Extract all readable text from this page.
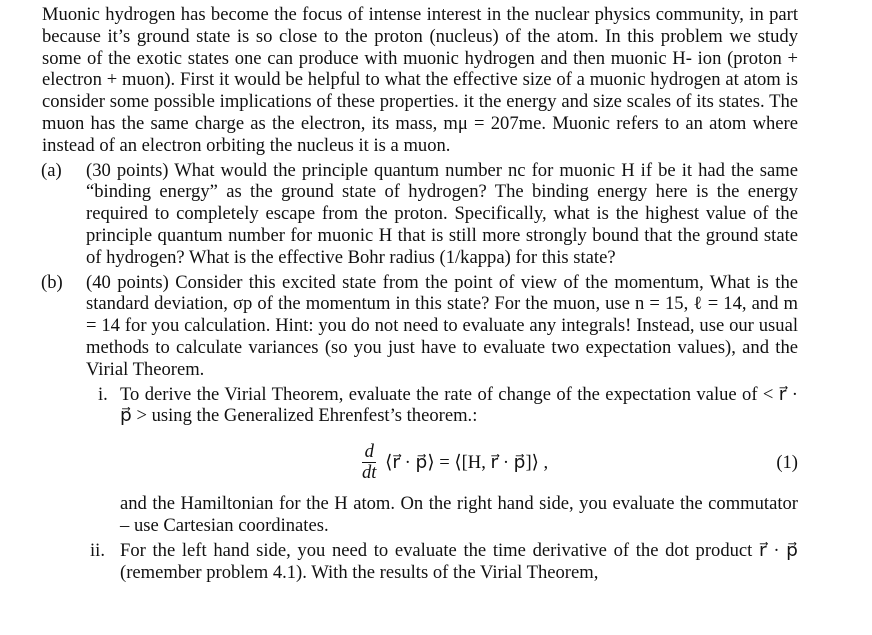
Muonic hydrogen has become the focus of intense interest in the nuclear physics community, in part because it’s ground state is so close to the proton (nucleus) of the atom. In this problem we study some of the exotic states one can produce with muonic hydrogen and then muonic H- ion (proton + electron + muon). First it would be helpful to what the effective size of a muonic hydrogen at atom is consider some possible implications of these properties. it the energy and size scales of its states. The muon has the same charge as the electron, its mass, mμ = 207me. Muonic refers to an atom where instead of an electron orbiting the nucleus it is a muon.

(a)	(30 points) What would the principle quantum number nc for muonic H if be it had the same “binding energy” as the ground state of hydrogen? The binding energy here is the energy required to completely escape from the proton. Specifically, what is the highest value of the principle quantum number for muonic H that is still more strongly bound that the ground state of hydrogen? What is the effective Bohr radius (1/kappa) for this state?
(b)	(40 points) Consider this excited state from the point of view of the momentum, What is the standard deviation, σp of the momentum in this state? For the muon, use n = 15, ℓ = 14, and m = 14 for you calculation. Hint: you do not need to evaluate any integrals! Instead, use our usual methods to calculate variances (so you just have to evaluate two expectation values), and the Virial Theorem.
i. To derive the Virial Theorem, evaluate the rate of change of the expectation value of < r⃗ · p⃗ > using the Generalized Ehrenfest’s theorem.:
$\frac{d}{dt}$ ⟨r⃗ · p⃗⟩ = ⟨[H, r⃗ · p⃗]⟩ ,	(1)

and the Hamiltonian for the H atom. On the right hand side, you evaluate the commutator – use Cartesian coordinates.

ii. For the left hand side, you need to evaluate the time derivative of the dot product r⃗ · p⃗ (remember problem 4.1). With the results of the Virial Theorem,
